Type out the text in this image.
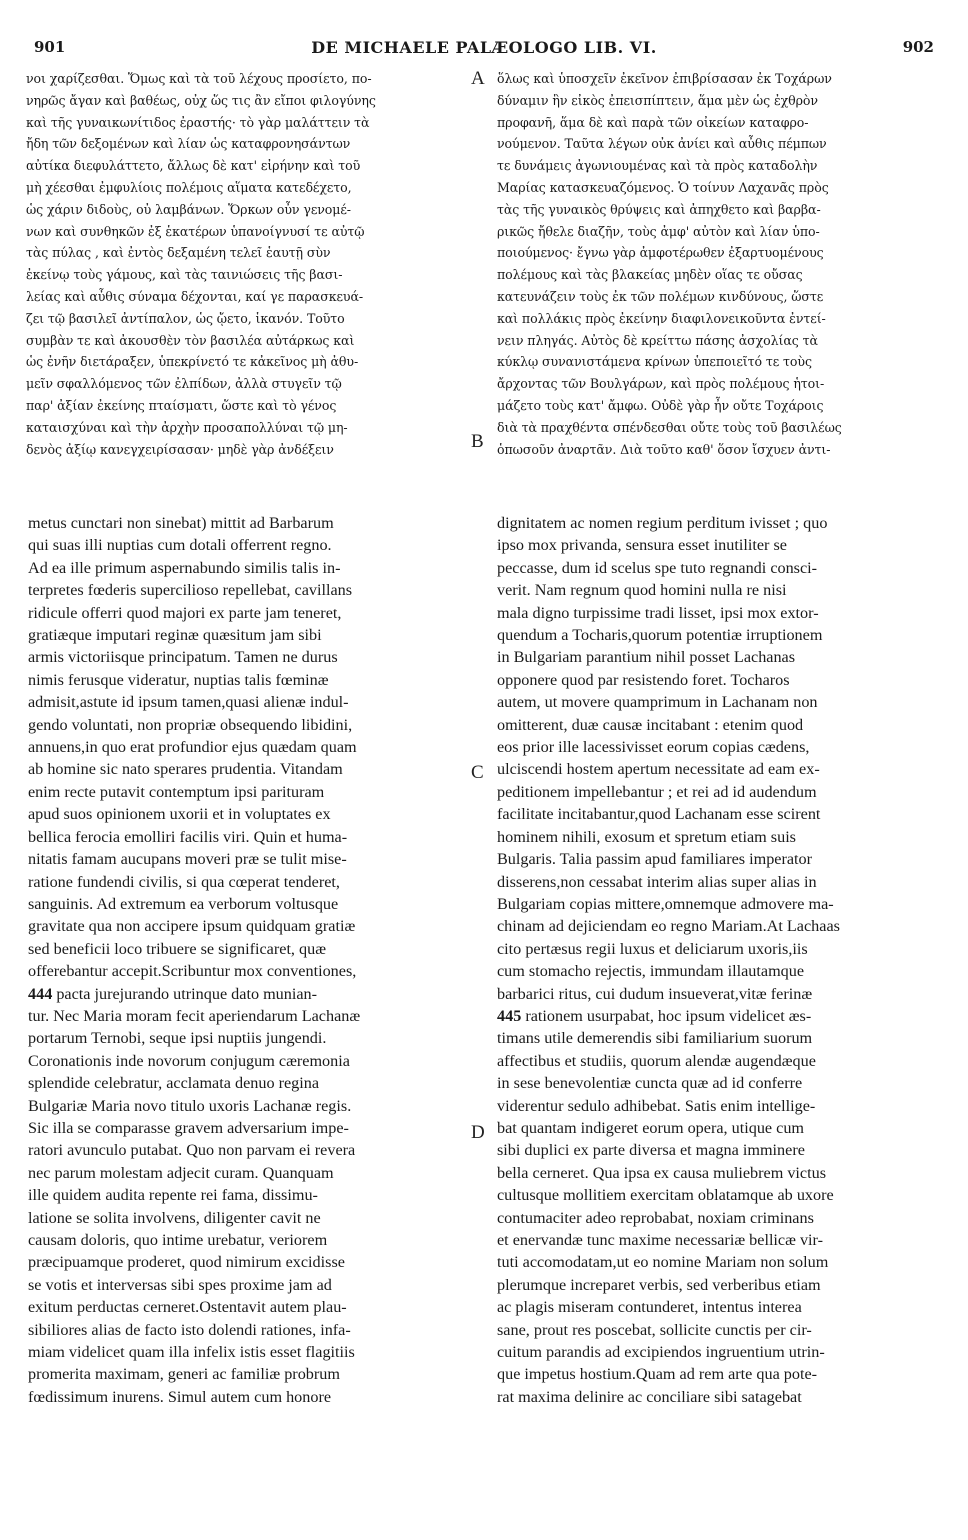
901	DE MICHAELE PALÆOLOGO LIB. VI.	902
νοι χαρίζεσθαι. Ὅμως καὶ τὰ τοῦ λέχους προσίετο, πο-
νηρῶς ἄγαν καὶ βαθέως, οὐχ ὥς τις ἂν εἴποι φιλογύνης
καὶ τῆς γυναικωνίτιδος ἐραστής· τὸ γὰρ μαλάττειν τὰ
ἤδη τῶν δεξομένων καὶ λίαν ὡς καταφρονησάντων
αὐτίκα διεφυλάττετο, ἄλλως δὲ κατ' εἰρήνην καὶ τοῦ
μὴ χέεσθαι ἐμφυλίοις πολέμοις αἵματα κατεδέχετο,
ὡς χάριν διδοὺς, οὐ λαμβάνων. Ὅρκων οὖν γενομέ-
νων καὶ συνθηκῶν ἐξ ἑκατέρων ὑπανοίγνυσί τε αὐτῷ
τὰς πύλας , καὶ ἐντὸς δεξαμένη τελεῖ ἑαυτῇ σὺν
ἐκείνῳ τοὺς γάμους, καὶ τὰς ταινιώσεις τῆς βασι-
λείας καὶ αὖθις σύναμα δέχονται, καί γε παρασκευά-
ζει τῷ βασιλεῖ ἀντίπαλον, ὡς ᾤετο, ἱκανόν. Τοῦτο
συμβὰν τε καὶ ἀκουσθὲν τὸν βασιλέα αὐτάρκως καὶ
ὡς ἐνῆν διετάραξεν, ὑπεκρίνετό τε κἀκεῖνος μὴ ἀθυ-
μεῖν σφαλλόμενος τῶν ἐλπίδων, ἀλλὰ στυγεῖν τῷ
παρ' ἀξίαν ἐκείνης πταίσματι, ὥστε καὶ τὸ γένος
καταισχύναι καὶ τὴν ἀρχὴν προσαπολλύναι τῷ μη-
δενὸς ἀξίῳ κανεγχειρίσασαν· μηδὲ γὰρ ἀνδέξειν
ὅλως καὶ ὑποσχεῖν ἐκεῖνον ἐπιβρίσασαν ἐκ Τοχάρων
δύναμιν ἣν εἰκὸς ἐπεισπίπτειν, ἅμα μὲν ὡς ἐχθρὸν
προφανῆ, ἅμα δὲ καὶ παρὰ τῶν οἰκείων καταφρο-
νούμενον. Ταῦτα λέγων οὐκ ἀνίει καὶ αὖθις πέμπων
τε δυνάμεις ἀγωνιουμένας καὶ τὰ πρὸς καταδολὴν
Μαρίας κατασκευαζόμενος. Ὁ τοίνυν Λαχανᾶς πρὸς
τὰς τῆς γυναικὸς θρύψεις καὶ ἀπηχθετο καὶ βαρβα-
ρικῶς ἤθελε διαζῆν, τοὺς ἀμφ' αὐτὸν καὶ λίαν ὑπο-
ποιούμενος· ἔγνω γὰρ ἀμφοτέρωθεν ἐξαρτυομένους
πολέμους καὶ τὰς βλακείας μηδὲν οἵας τε οὔσας
κατευνάζειν τοὺς ἐκ τῶν πολέμων κινδύνους, ὥστε
καὶ πολλάκις πρὸς ἐκείνην διαφιλονεικοῦντα ἐντεί-
νειν πληγάς. Αὐτὸς δὲ κρείττω πάσης ἀσχολίας τὰ
κύκλῳ συνανιστάμενα κρίνων ὑπεποιεῖτό τε τοὺς
ἄρχοντας τῶν Βουλγάρων, καὶ πρὸς πολέμους ἡτοι-
μάζετο τοὺς κατ' ἄμφω. Οὐδὲ γὰρ ἦν οὔτε Τοχάροις
διὰ τὰ πραχθέντα σπένδεσθαι οὔτε τοὺς τοῦ βασιλέως
ὁπωσοῦν ἀναρτᾶν. Διὰ τοῦτο καθ' ὅσον ἴσχυεν ἀντι-
A
B
C
D
metus cunctari non sinebat) mittit ad Barbarum
qui suas illi nuptias cum dotali offerrent regno.
Ad ea ille primum aspernabundo similis talis in-
terpretes fœderis supercilioso repellebat, cavillans
ridicule offerri quod majori ex parte jam teneret,
gratiæque imputari reginæ quæsitum jam sibi
armis victoriisque principatum. Tamen ne durus
nimis ferusque videratur, nuptias talis fœminæ
admisit,astute id ipsum tamen,quasi alienæ indul-
gendo voluntati, non propriæ obsequendo libidini,
annuens,in quo erat profundior ejus quædam quam
ab homine sic nato sperares prudentia. Vitandam
enim recte putavit contemptum ipsi parituram
apud suos opinionem uxorii et in voluptates ex
bellica ferocia emolliri facilis viri. Quin et huma-
nitatis famam aucupans moveri præ se tulit mise-
ratione fundendi civilis, si qua cœperat tenderet,
sanguinis. Ad extremum ea verborum voltusque
gravitate qua non accipere ipsum quidquam gratiæ
sed beneficii loco tribuere se significaret, quæ
offerebantur accepit.Scribuntur mox conventiones,
444 pacta jurejurando utrinque dato munian-
tur. Nec Maria moram fecit aperiendarum Lachanæ
portarum Ternobi, seque ipsi nuptiis jungendi.
Coronationis inde novorum conjugum cæremonia
splendide celebratur, acclamata denuo regina
Bulgariæ Maria novo titulo uxoris Lachanæ regis.
Sic illa se comparasse gravem adversarium impe-
ratori avunculo putabat. Quo non parvam ei revera
nec parum molestam adjecit curam. Quanquam
ille quidem audita repente rei fama, dissimu-
latione se solita involvens, diligenter cavit ne
causam doloris, quo intime urebatur, veriorem
præcipuamque proderet, quod nimirum excidisse
se votis et interversas sibi spes proxime jam ad
exitum perductas cerneret.Ostentavit autem plau-
sibiliores alias de facto isto dolendi rationes, infa-
miam videlicet quam illa infelix istis esset flagitiis
promerita maximam, generi ac familiæ probrum
fœdissimum inurens. Simul autem cum honore
dignitatem ac nomen regium perditum ivisset ; quo
ipso mox privanda, sensura esset inutiliter se
peccasse, dum id scelus spe tuto regnandi consci-
verit. Nam regnum quod homini nulla re nisi
mala digno turpissime tradi lisset, ipsi mox extor-
quendum a Tocharis,quorum potentiæ irruptionem
in Bulgariam parantium nihil posset Lachanas
opponere quod par resistendo foret. Tocharos
autem, ut movere quamprimum in Lachanam non
omitterent, duæ causæ incitabant : etenim quod
eos prior ille lacessivisset eorum copias cædens,
ulciscendi hostem apertum necessitate ad eam ex-
peditionem impellebantur ; et rei ad id audendum
facilitate incitabantur,quod Lachanam esse scirent
hominem nihili, exosum et spretum etiam suis
Bulgaris. Talia passim apud familiares imperator
disserens,non cessabat interim alias super alias in
Bulgariam copias mittere,omnemque admovere ma-
chinam ad dejiciendam eo regno Mariam.At Lachaas
cito pertæsus regii luxus et deliciarum uxoris,iis
cum stomacho rejectis, immundam illautamque
barbarici ritus, cui dudum insueverat,vitæ ferinæ
445 rationem usurpabat, hoc ipsum videlicet æs-
timans utile demerendis sibi familiarium suorum
affectibus et studiis, quorum alendæ augendæque
in sese benevolentiæ cuncta quæ ad id conferre
viderentur sedulo adhibebat. Satis enim intellige-
bat quantam indigeret eorum opera, utique cum
sibi duplici ex parte diversa et magna imminere
bella cerneret. Qua ipsa ex causa muliebrem victus
cultusque mollitiem exercitam oblatamque ab uxore
contumaciter adeo reprobabat, noxiam criminans
et enervandæ tunc maxime necessariæ bellicæ vir-
tuti accomodatam,ut eo nomine Mariam non solum
plerumque increparet verbis, sed verberibus etiam
ac plagis miseram contunderet, intentus interea
sane, prout res poscebat, sollicite cunctis per cir-
cuitum parandis ad excipiendos ingruentium utrin-
que impetus hostium.Quam ad rem arte qua pote-
rat maxima delinire ac conciliare sibi satagebat
